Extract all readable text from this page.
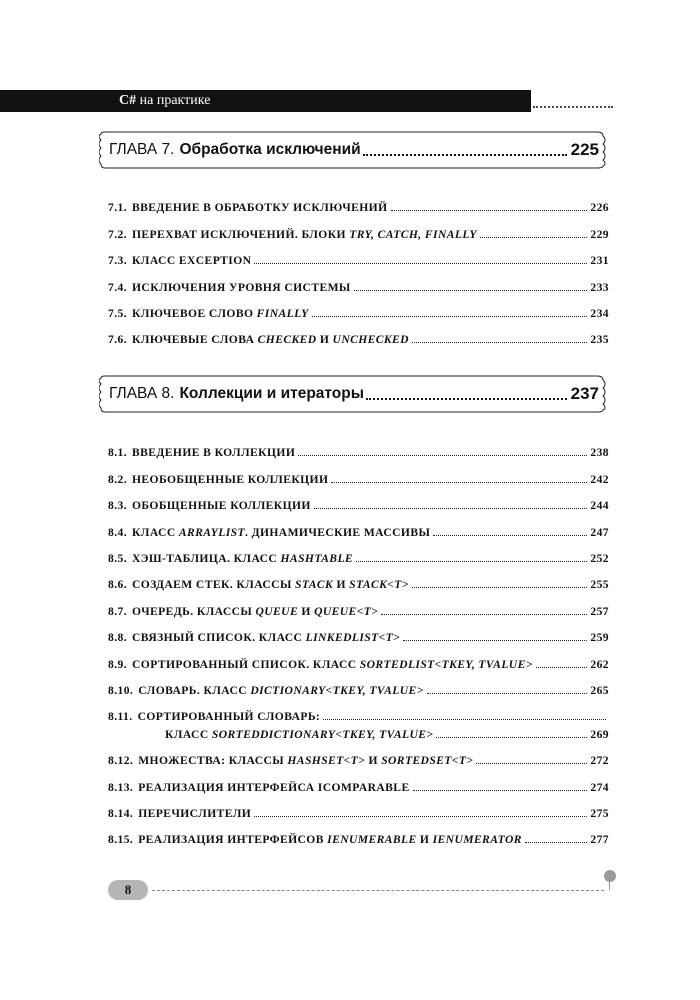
C# на практике
ГЛАВА 7. Обработка исключений	225
7.1. ВВЕДЕНИЕ В ОБРАБОТКУ ИСКЛЮЧЕНИЙ	226
7.2. ПЕРЕХВАТ ИСКЛЮЧЕНИЙ. БЛОКИ TRY, CATCH, FINALLY	229
7.3. КЛАСС EXCEPTION	231
7.4. ИСКЛЮЧЕНИЯ УРОВНЯ СИСТЕМЫ	233
7.5. КЛЮЧЕВОЕ СЛОВО FINALLY	234
7.6. КЛЮЧЕВЫЕ СЛОВА CHECKED И UNCHECKED	235
ГЛАВА 8. Коллекции и итераторы	237
8.1. ВВЕДЕНИЕ В КОЛЛЕКЦИИ	238
8.2. НЕОБОБЩЕННЫЕ КОЛЛЕКЦИИ	242
8.3. ОБОБЩЕННЫЕ КОЛЛЕКЦИИ	244
8.4. КЛАСС ARRAYLIST. ДИНАМИЧЕСКИЕ МАССИВЫ	247
8.5. ХЭШ-ТАБЛИЦА. КЛАСС HASHTABLE	252
8.6. СОЗДАЕМ СТЕК. КЛАССЫ STACK И STACK<T>	255
8.7. ОЧЕРЕДЬ. КЛАССЫ QUEUE И QUEUE<T>	257
8.8. СВЯЗНЫЙ СПИСОК. КЛАСС LINKEDLIST<T>	259
8.9. СОРТИРОВАННЫЙ СПИСОК. КЛАСС SORTEDLIST<TKEY, TVALUE>	262
8.10. СЛОВАРЬ. КЛАСС DICTIONARY<TKEY, TVALUE>	265
8.11. СОРТИРОВАННЫЙ СЛОВАРЬ:
КЛАСС SORTEDDICTIONARY<TKEY, TVALUE>	269
8.12. МНОЖЕСТВА: КЛАССЫ HASHSET<T> И SORTEDSET<T>	272
8.13. РЕАЛИЗАЦИЯ ИНТЕРФЕЙСА ICOMPARABLE	274
8.14. ПЕРЕЧИСЛИТЕЛИ	275
8.15. РЕАЛИЗАЦИЯ ИНТЕРФЕЙСОВ IENUMERABLE И IENUMERATOR	277
8
